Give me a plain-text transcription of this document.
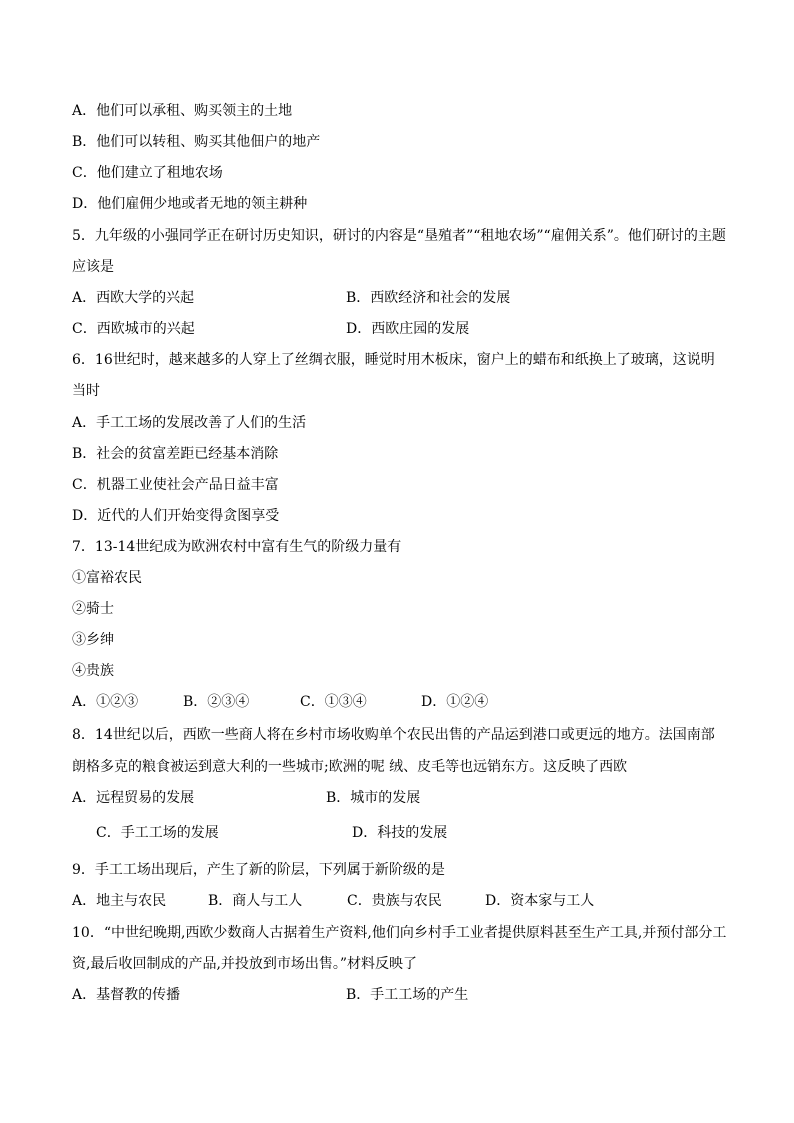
A．他们可以承租、购买领主的土地
B．他们可以转租、购买其他佃户的地产
C．他们建立了租地农场
D．他们雇佣少地或者无地的领主耕种
5．九年级的小强同学正在研讨历史知识，研讨的内容是“垦殖者”“租地农场”“雇佣关系”。他们研讨的主题
应该是
A．西欧大学的兴起	B．西欧经济和社会的发展
C．西欧城市的兴起	D．西欧庄园的发展
6．16世纪时，越来越多的人穿上了丝绸衣服，睡觉时用木板床，窗户上的蜡布和纸换上了玻璃，这说明
当时
A．手工工场的发展改善了人们的生活
B．社会的贫富差距已经基本消除
C．机器工业使社会产品日益丰富
D．近代的人们开始变得贪图享受
7．13-14世纪成为欧洲农村中富有生气的阶级力量有
①富裕农民
②骑士
③乡绅
④贵族
A．①②③	B．②③④	C．①③④	D．①②④
8．14世纪以后，西欧一些商人将在乡村市场收购单个农民出售的产品运到港口或更远的地方。法国南部
朗格多克的粮食被运到意大利的一些城市;欧洲的呢 绒、皮毛等也远销东方。这反映了西欧
A．远程贸易的发展	B．城市的发展
C．手工工场的发展	D．科技的发展
9．手工工场出现后，产生了新的阶层，下列属于新阶级的是
A．地主与农民	B．商人与工人	C．贵族与农民	D．资本家与工人
10．“中世纪晚期,西欧少数商人古据着生产资料,他们向乡村手工业者提供原料甚至生产工具,并预付部分工
资,最后收回制成的产品,并投放到市场出售。”材料反映了
A．基督教的传播	B．手工工场的产生
